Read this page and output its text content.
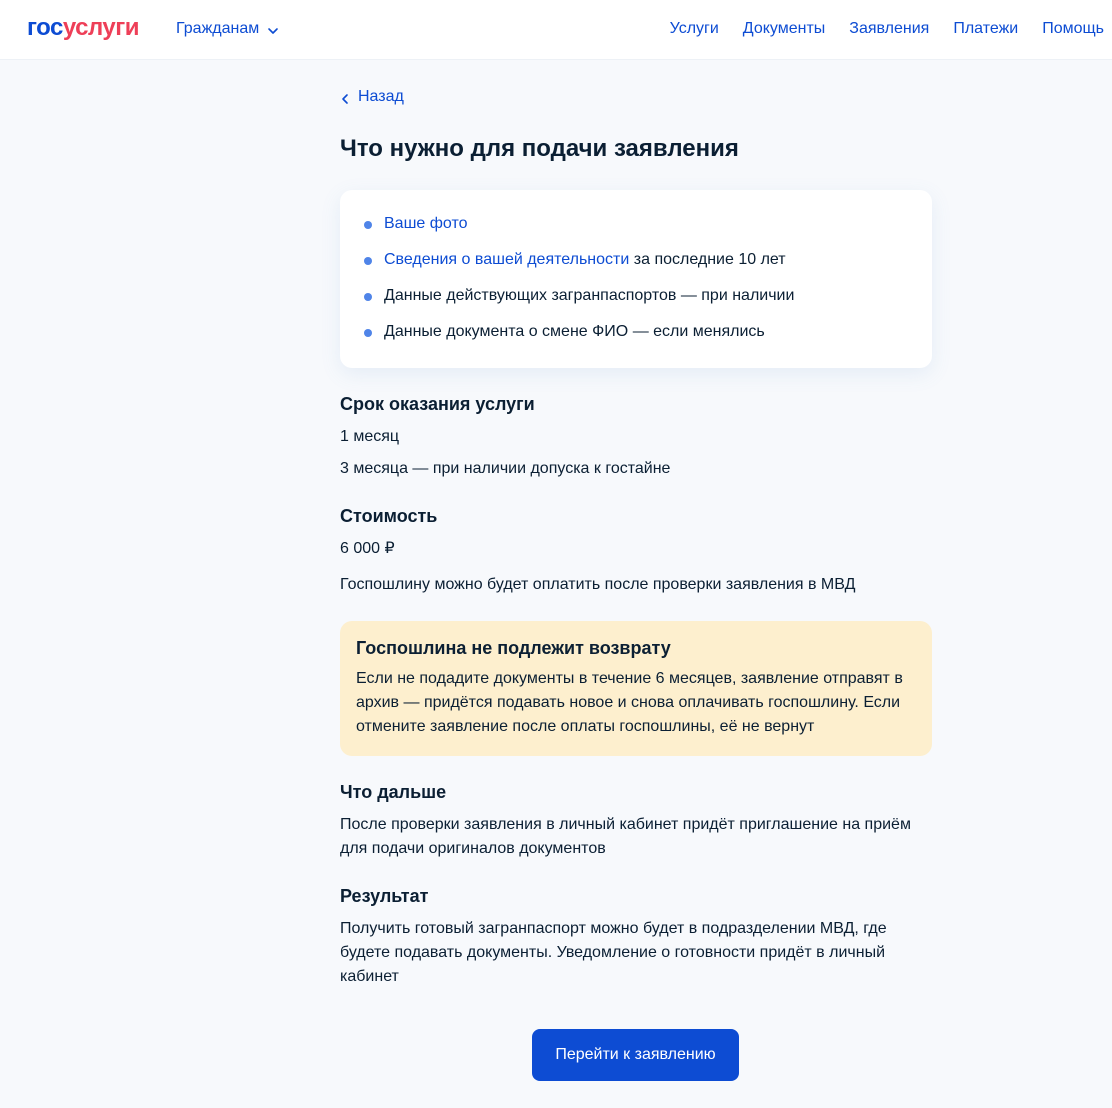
госуслуги Гражданам	Услуги Документы Заявления Платежи Помощь
Назад
Что нужно для подачи заявления
Ваше фото
Сведения о вашей деятельности за последние 10 лет
Данные действующих загранпаспортов — при наличии
Данные документа о смене ФИО — если менялись
Срок оказания услуги

1 месяц

3 месяца — при наличии допуска к гостайне

Стоимость

6 000 ₽

Госпошлину можно будет оплатить после проверки заявления в МВД

Госпошлина не подлежит возврату
Если не подадите документы в течение 6 месяцев, заявление отправят в архив — придётся подавать новое и снова оплачивать госпошлину. Если отмените заявление после оплаты госпошлины, её не вернут
Что дальше

После проверки заявления в личный кабинет придёт приглашение на приём для подачи оригиналов документов

Результат

Получить готовый загранпаспорт можно будет в подразделении МВД, где будете подавать документы. Уведомление о готовности придёт в личный кабинет

Перейти к заявлению
